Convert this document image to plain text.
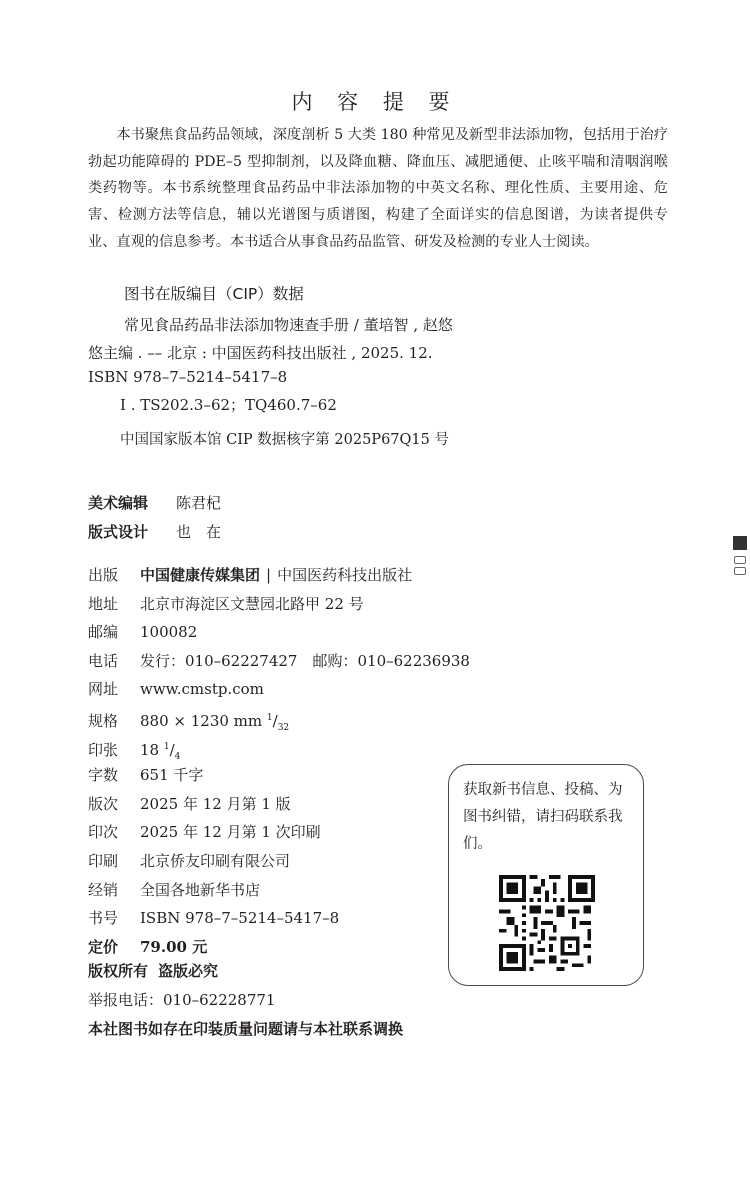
内 容 提 要
本书聚焦食品药品领域，深度剖析 5 大类 180 种常见及新型非法添加物，包括用于治疗勃起功能障碍的 PDE–5 型抑制剂，以及降血糖、降血压、减肥通便、止咳平喘和清咽润喉类药物等。本书系统整理食品药品中非法添加物的中英文名称、理化性质、主要用途、危害、检测方法等信息，辅以光谱图与质谱图，构建了全面详实的信息图谱，为读者提供专业、直观的信息参考。本书适合从事食品药品监管、研发及检测的专业人士阅读。
图书在版编目（CIP）数据
常见食品药品非法添加物速查手册 / 董培智 , 赵悠
悠主编 . –– 北京 : 中国医药科技出版社 , 2025. 12.
ISBN 978–7–5214–5417–8
Ⅰ . TS202.3–62；TQ460.7–62
中国国家版本馆 CIP 数据核字第 2025P67Q15 号
美术编辑 陈君杞
版式设计 也　在
出版 中国健康传媒集团 | 中国医药科技出版社
地址 北京市海淀区文慧园北路甲 22 号
邮编 100082
电话 发行：010–62227427　邮购：010–62236938
网址 www.cmstp.com
规格 880 × 1230 mm $^1/_{32}$
印张 18 $^1/_4$
字数 651 千字
版次 2025 年 12 月第 1 版
印次 2025 年 12 月第 1 次印刷
印刷 北京侨友印刷有限公司
经销 全国各地新华书店
书号 ISBN 978–7–5214–5417–8
定价 79.00 元
版权所有 盗版必究
举报电话：010–62228771
本社图书如存在印装质量问题请与本社联系调换
获取新书信息、投稿、为图书纠错，请扫码联系我们。
